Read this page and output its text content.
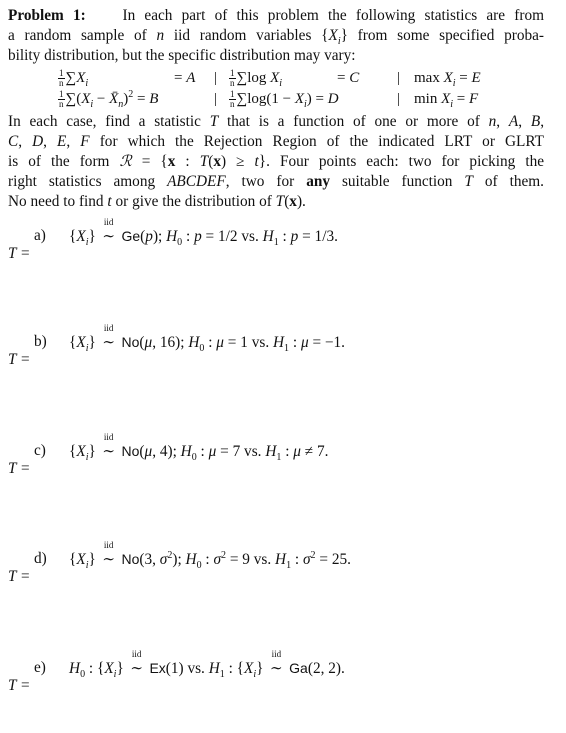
Problem 1:    In each part of this problem the following statistics are from
a random sample of n iid random variables $\{X_i\}$ from some specified proba-
bility distribution, but the specific distribution may vary:
$\frac{1}{n} \sum X_i$	= A | $\frac{1}{n} \sum\log$ $X_i$	= C	| $\max X_i = E$
$\frac{1}{n} \sum(X_i$ − $X̄_n)^2 = B$	| $\frac{1}{n} \sum\log(1 - X_i) = D$	| $\min X_i = F$
In each case, find a statistic T that is a function of one or more of n, A, B,
C, D, E, F for which the Rejection Region of the indicated LRT or GLRT
is of the form ℛ = {x : T(x) ≥ t}. Four points each: two for picking the
right statistics among ABCDEF, two for any suitable function T of them.
No need to find t or give the distribution of T(x).
a) $\{X_i\}$
iid
∼ Ge(p); $H_0$ : p = 1/2 vs. $H_1$ : p = 1/3.
T =
b) $\{X_i\}$
iid
∼ No(μ, 16); $H_0$ : μ = 1 vs. $H_1$ : μ = −1.
T =
c) $\{X_i\}$
iid
∼ No(μ, 4); $H_0$ : μ = 7 vs. $H_1$ : μ ≠ 7.
T =
d) $\{X_i\}$
iid
∼ No(3, $\sigma^2$); $H_0$ : $\sigma^2 = 9$ vs. $H_1$ : $\sigma^2 = 25$.
T =
e) $H_0$ : $\{X_i\}$
iid
∼ Ex(1) vs. $H_1$ : $\{X_i\}$
iid
∼ Ga(2, 2).
T =
